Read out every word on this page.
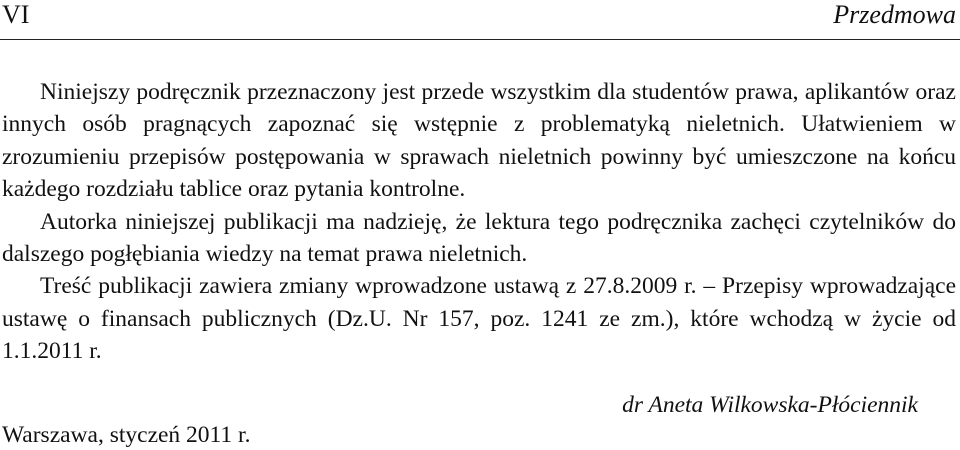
VI	Przedmowa

Niniejszy podręcznik przeznaczony jest przede wszystkim dla studentów prawa, aplikantów oraz innych osób pragnących zapoznać się wstępnie z problematyką nieletnich. Ułatwieniem w zrozumieniu przepisów postępowania w sprawach nieletnich powinny być umieszczone na końcu każdego rozdziału tablice oraz pytania kontrolne.

Autorka niniejszej publikacji ma nadzieję, że lektura tego podręcznika zachęci czytelników do dalszego pogłębiania wiedzy na temat prawa nieletnich.

Treść publikacji zawiera zmiany wprowadzone ustawą z 27.8.2009 r. – Przepisy wprowadzające ustawę o finansach publicznych (Dz.U. Nr 157, poz. 1241 ze zm.), które wchodzą w życie od 1.1.2011 r.

dr Aneta Wilkowska-Płóciennik
Warszawa, styczeń 2011 r.
